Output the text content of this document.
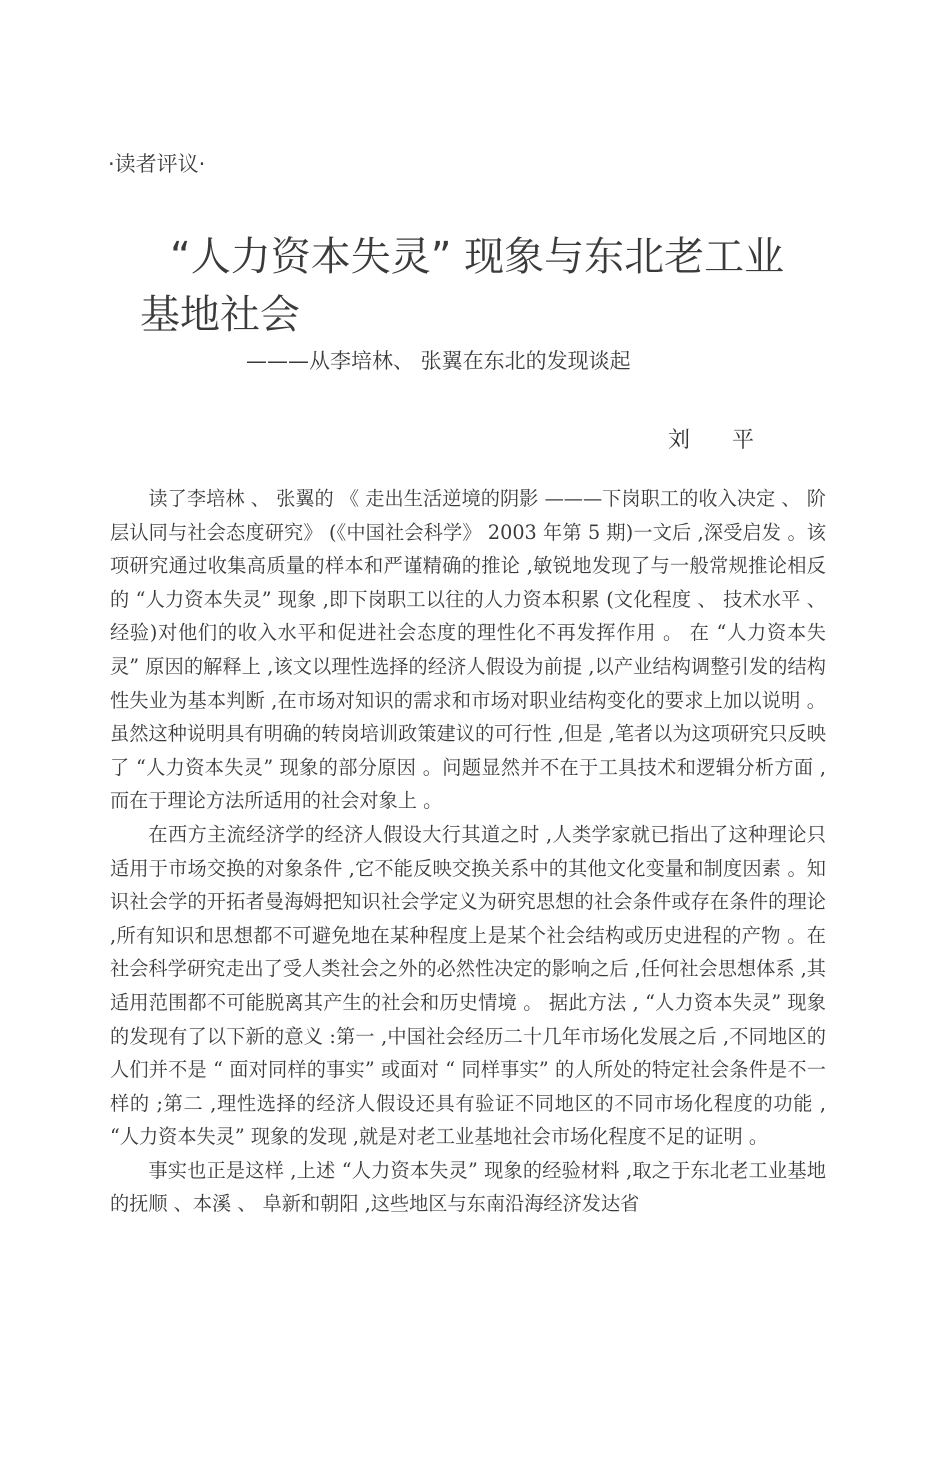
·读者评议·
“人力资本失灵” 现象与东北老工业
基地社会
———从李培林、 张翼在东北的发现谈起
刘平

读了李培林 、 张翼的 《 走出生活逆境的阴影 ———下岗职工的收入决定 、 阶层认同与社会态度研究》 (《中国社会科学》 2003 年第 5 期)一文后 ,深受启发 。该项研究通过收集高质量的样本和严谨精确的推论 ,敏锐地发现了与一般常规推论相反的 “人力资本失灵” 现象 ,即下岗职工以往的人力资本积累 (文化程度 、 技术水平 、 经验)对他们的收入水平和促进社会态度的理性化不再发挥作用 。 在 “人力资本失灵” 原因的解释上 ,该文以理性选择的经济人假设为前提 ,以产业结构调整引发的结构性失业为基本判断 ,在市场对知识的需求和市场对职业结构变化的要求上加以说明 。虽然这种说明具有明确的转岗培训政策建议的可行性 ,但是 ,笔者以为这项研究只反映了 “人力资本失灵” 现象的部分原因 。问题显然并不在于工具技术和逻辑分析方面 ,而在于理论方法所适用的社会对象上 。

在西方主流经济学的经济人假设大行其道之时 ,人类学家就已指出了这种理论只适用于市场交换的对象条件 ,它不能反映交换关系中的其他文化变量和制度因素 。知识社会学的开拓者曼海姆把知识社会学定义为研究思想的社会条件或存在条件的理论 ,所有知识和思想都不可避免地在某种程度上是某个社会结构或历史进程的产物 。在社会科学研究走出了受人类社会之外的必然性决定的影响之后 ,任何社会思想体系 ,其适用范围都不可能脱离其产生的社会和历史情境 。 据此方法 , “人力资本失灵” 现象的发现有了以下新的意义 :第一 ,中国社会经历二十几年市场化发展之后 ,不同地区的人们并不是 “ 面对同样的事实” 或面对 “ 同样事实” 的人所处的特定社会条件是不一样的 ;第二 ,理性选择的经济人假设还具有验证不同地区的不同市场化程度的功能 , “人力资本失灵” 现象的发现 ,就是对老工业基地社会市场化程度不足的证明 。

事实也正是这样 ,上述 “人力资本失灵” 现象的经验材料 ,取之于东北老工业基地的抚顺 、本溪 、 阜新和朝阳 ,这些地区与东南沿海经济发达省
